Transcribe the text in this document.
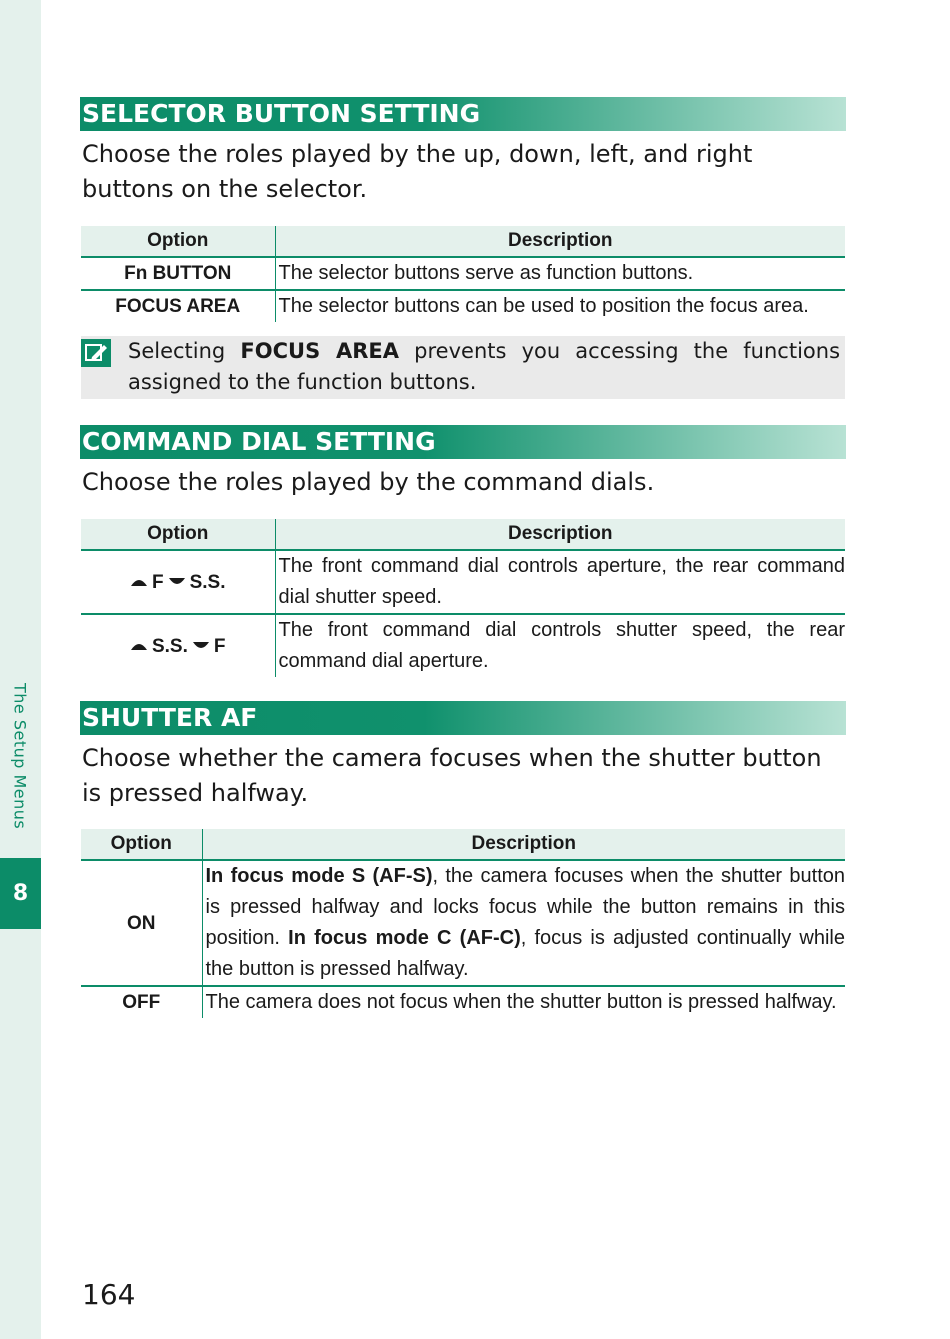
The Setup Menus
8
SELECTOR BUTTON SETTING

Choose the roles played by the up, down, left, and right buttons on the selector.

Option	Description
Fn BUTTON	The selector buttons serve as function buttons.
FOCUS AREA	The selector buttons can be used to position the focus area.

Selecting FOCUS AREA prevents you accessing the functions assigned to the function buttons.

COMMAND DIAL SETTING

Choose the roles played by the command dials.

Option	Description

F S.S.	The front command dial controls aperture, the rear command dial shutter speed.

S.S. F	The front command dial controls shutter speed, the rear command dial aperture.
SHUTTER AF

Choose whether the camera focuses when the shutter button is pressed halfway.

Option	Description
ON	In focus mode S (AF-S), the camera focuses when the shutter button is pressed halfway and locks focus while the button remains in this position. In focus mode C (AF-C), focus is adjusted continually while the button is pressed halfway.
OFF	The camera does not focus when the shutter button is pressed halfway.
164
